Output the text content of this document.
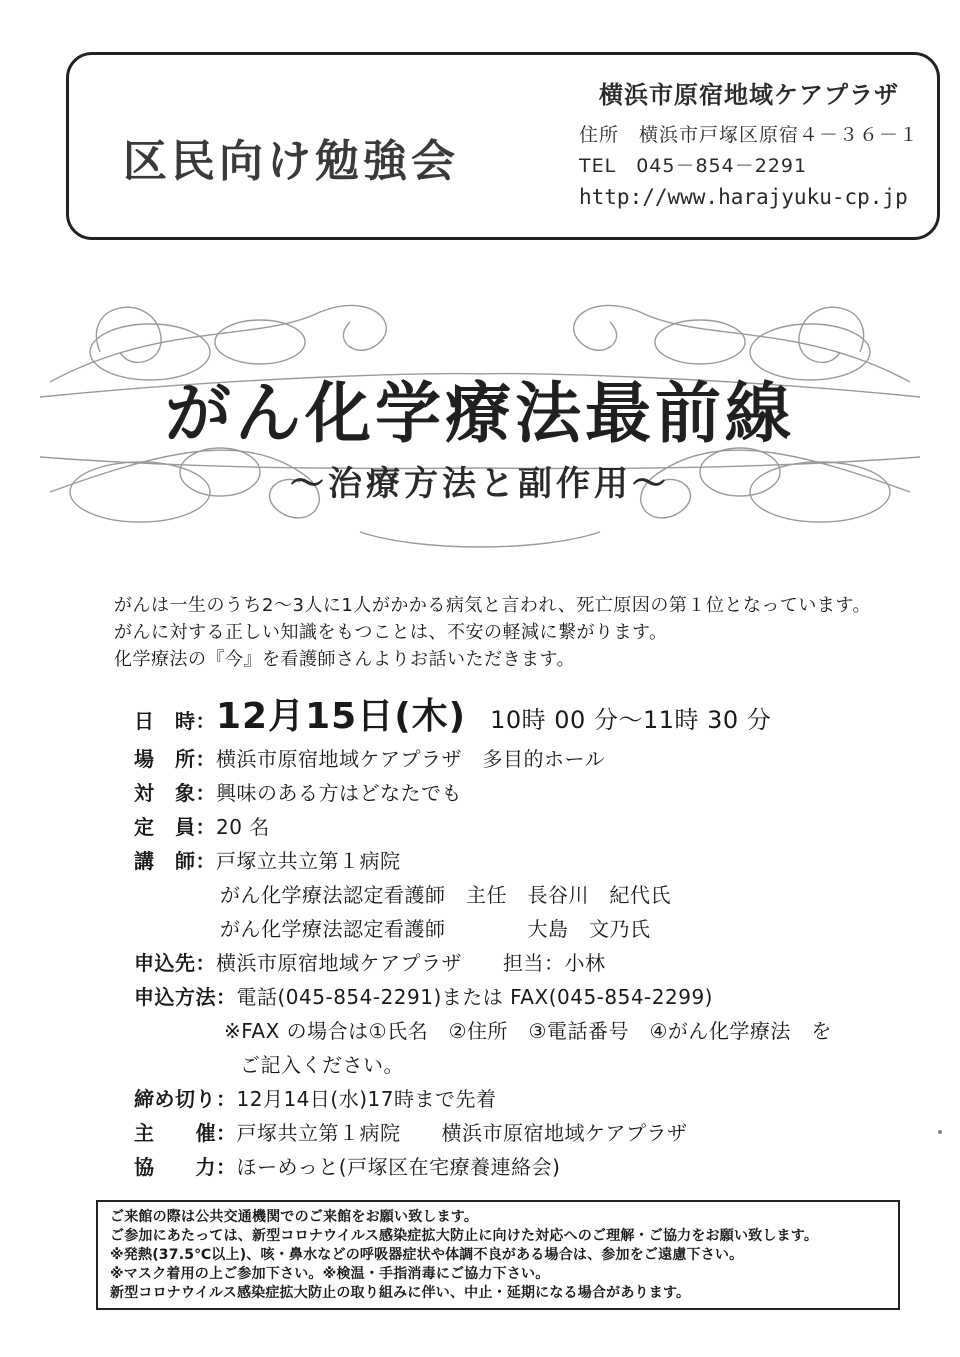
区民向け勉強会
横浜市原宿地域ケアプラザ
住所　横浜市戸塚区原宿４－３６－１
TEL　045－854－2291
http://www.harajyuku-cp.jp
がん化学療法最前線
～治療方法と副作用～

がんは一生のうち2～3人に1人がかかる病気と言われ、死亡原因の第１位となっています。

がんに対する正しい知識をもつことは、不安の軽減に繋がります。

化学療法の『今』を看護師さんよりお話いただきます。

日　時： 12月15日(木) 10時 00 分～11時 30 分
場　所： 横浜市原宿地域ケアプラザ　多目的ホール
対　象： 興味のある方はどなたでも
定　員： 20 名
講　師： 戸塚立共立第１病院
がん化学療法認定看護師　主任　長谷川　紀代氏
がん化学療法認定看護師　　　　大島　文乃氏
申込先： 横浜市原宿地域ケアプラザ　　担当：小林
申込方法： 電話(045-854-2291)または FAX(045-854-2299)
※FAX の場合は①氏名　②住所　③電話番号　④がん化学療法　を
ご記入ください。
締め切り： 12月14日(水)17時まで先着
主　　催： 戸塚共立第１病院　　横浜市原宿地域ケアプラザ
協　　力： ほーめっと(戸塚区在宅療養連絡会)

ご来館の際は公共交通機関でのご来館をお願い致します。

ご参加にあたっては、新型コロナウイルス感染症拡大防止に向けた対応へのご理解・ご協力をお願い致します。

※発熱(37.5℃以上)、咳・鼻水などの呼吸器症状や体調不良がある場合は、参加をご遠慮下さい。

※マスク着用の上ご参加下さい。※検温・手指消毒にご協力下さい。

新型コロナウイルス感染症拡大防止の取り組みに伴い、中止・延期になる場合があります。
